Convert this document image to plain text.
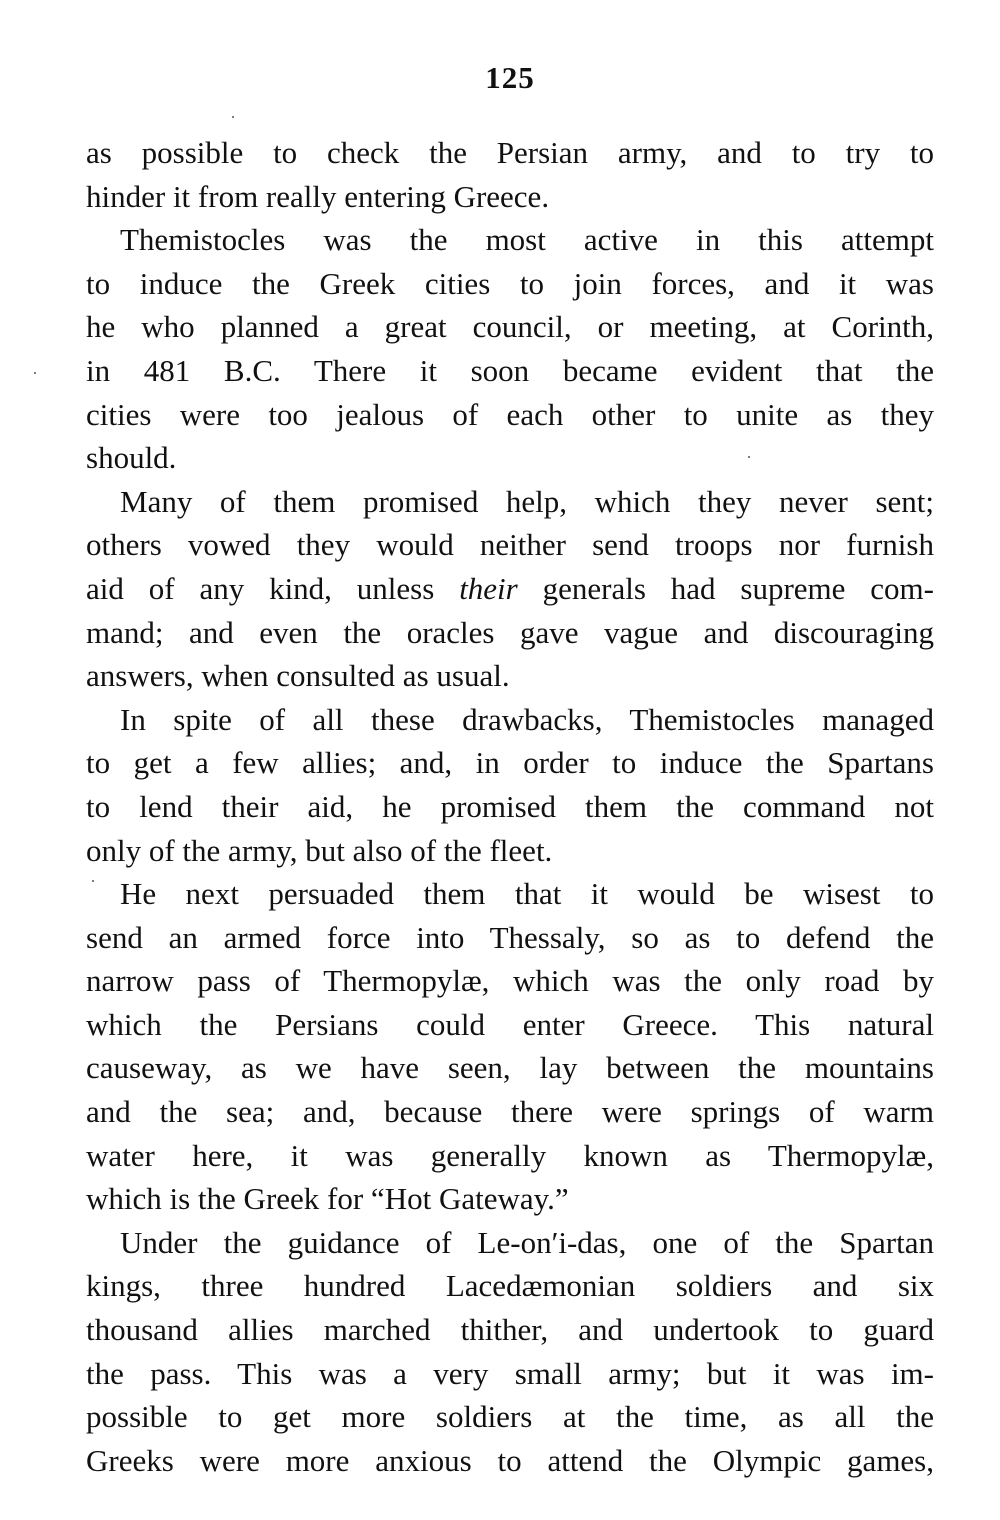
125
as possible to check the Persian army, and to try to
hinder it from really entering Greece.
Themistocles was the most active in this attempt
to induce the Greek cities to join forces, and it was
he who planned a great council, or meeting, at Corinth,
in 481 B.C. There it soon became evident that the
cities were too jealous of each other to unite as they
should.
Many of them promised help, which they never sent;
others vowed they would neither send troops nor furnish
aid of any kind, unless their generals had supreme com-
mand; and even the oracles gave vague and discouraging
answers, when consulted as usual.
In spite of all these drawbacks, Themistocles managed
to get a few allies; and, in order to induce the Spartans
to lend their aid, he promised them the command not
only of the army, but also of the fleet.
He next persuaded them that it would be wisest to
send an armed force into Thessaly, so as to defend the
narrow pass of Thermopylæ, which was the only road by
which the Persians could enter Greece. This natural
causeway, as we have seen, lay between the mountains
and the sea; and, because there were springs of warm
water here, it was generally known as Thermopylæ,
which is the Greek for “Hot Gateway.”
Under the guidance of Le-on′i-das, one of the Spartan
kings, three hundred Lacedæmonian soldiers and six
thousand allies marched thither, and undertook to guard
the pass. This was a very small army; but it was im-
possible to get more soldiers at the time, as all the
Greeks were more anxious to attend the Olympic games,
